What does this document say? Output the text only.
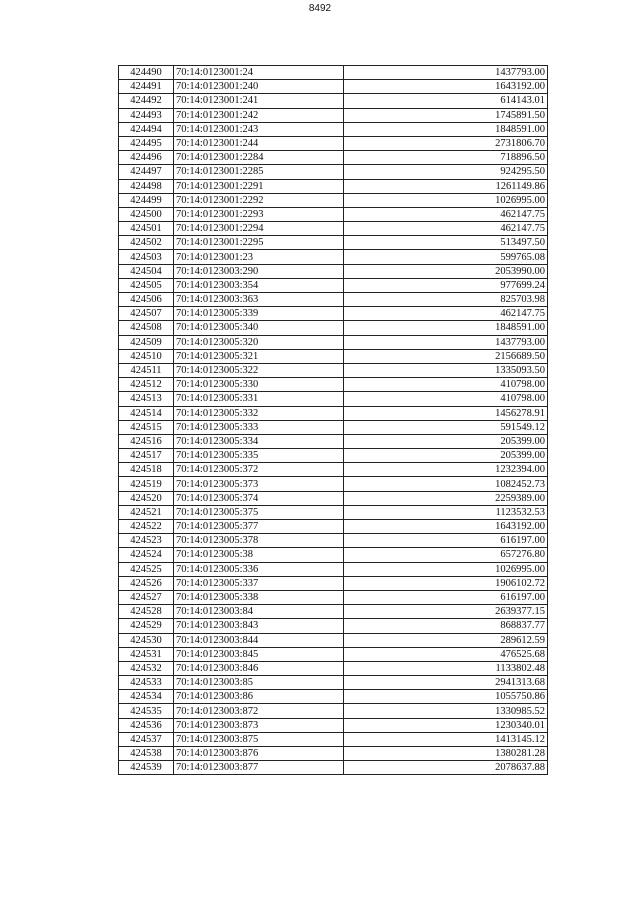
8492
424490	70:14:0123001:24	1437793.00
424491	70:14:0123001:240	1643192.00
424492	70:14:0123001:241	614143.01
424493	70:14:0123001:242	1745891.50
424494	70:14:0123001:243	1848591.00
424495	70:14:0123001:244	2731806.70
424496	70:14:0123001:2284	718896.50
424497	70:14:0123001:2285	924295.50
424498	70:14:0123001:2291	1261149.86
424499	70:14:0123001:2292	1026995.00
424500	70:14:0123001:2293	462147.75
424501	70:14:0123001:2294	462147.75
424502	70:14:0123001:2295	513497.50
424503	70:14:0123001:23	599765.08
424504	70:14:0123003:290	2053990.00
424505	70:14:0123003:354	977699.24
424506	70:14:0123003:363	825703.98
424507	70:14:0123005:339	462147.75
424508	70:14:0123005:340	1848591.00
424509	70:14:0123005:320	1437793.00
424510	70:14:0123005:321	2156689.50
424511	70:14:0123005:322	1335093.50
424512	70:14:0123005:330	410798.00
424513	70:14:0123005:331	410798.00
424514	70:14:0123005:332	1456278.91
424515	70:14:0123005:333	591549.12
424516	70:14:0123005:334	205399.00
424517	70:14:0123005:335	205399.00
424518	70:14:0123005:372	1232394.00
424519	70:14:0123005:373	1082452.73
424520	70:14:0123005:374	2259389.00
424521	70:14:0123005:375	1123532.53
424522	70:14:0123005:377	1643192.00
424523	70:14:0123005:378	616197.00
424524	70:14:0123005:38	657276.80
424525	70:14:0123005:336	1026995.00
424526	70:14:0123005:337	1906102.72
424527	70:14:0123005:338	616197.00
424528	70:14:0123003:84	2639377.15
424529	70:14:0123003:843	868837.77
424530	70:14:0123003:844	289612.59
424531	70:14:0123003:845	476525.68
424532	70:14:0123003:846	1133802.48
424533	70:14:0123003:85	2941313.68
424534	70:14:0123003:86	1055750.86
424535	70:14:0123003:872	1330985.52
424536	70:14:0123003:873	1230340.01
424537	70:14:0123003:875	1413145.12
424538	70:14:0123003:876	1380281.28
424539	70:14:0123003:877	2078637.88
